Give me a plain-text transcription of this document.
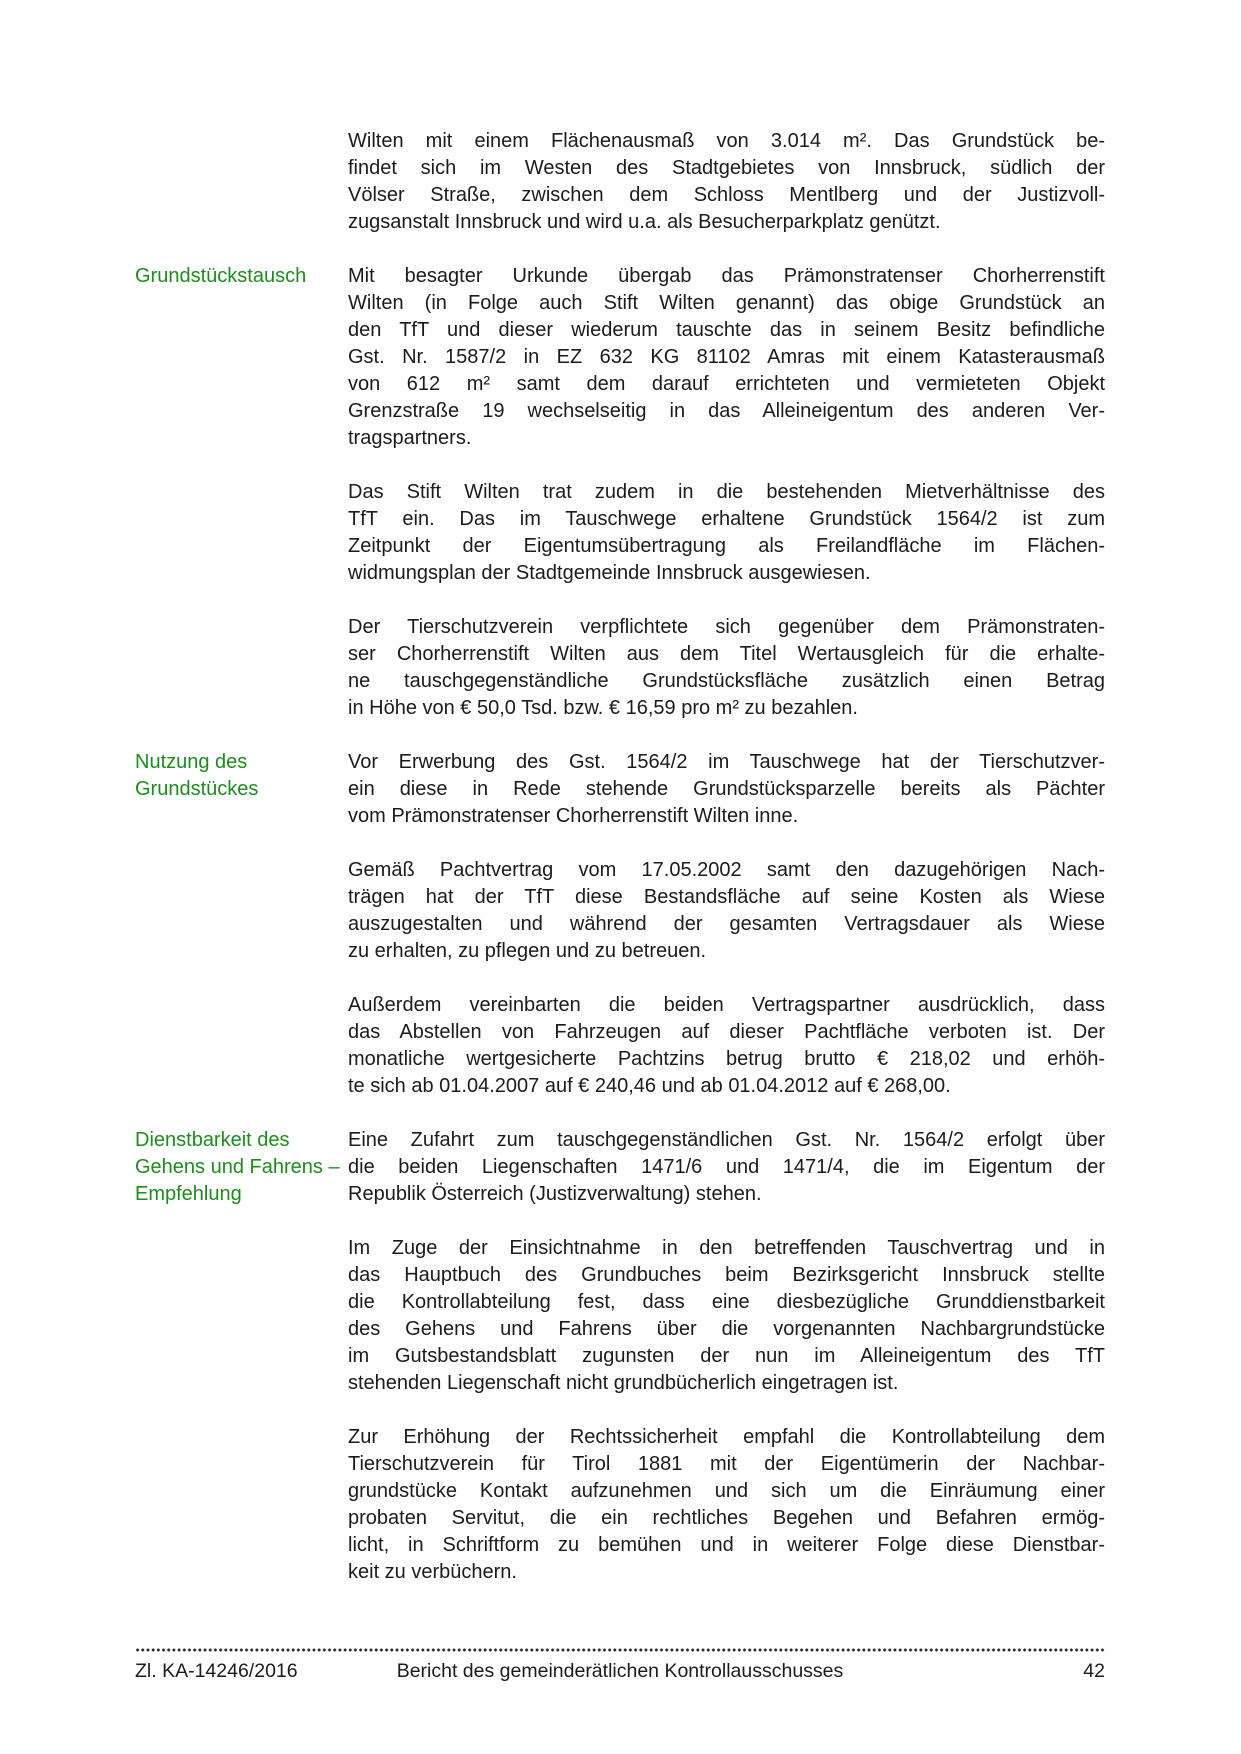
Wilten mit einem Flächenausmaß von 3.014 m². Das Grundstück be-
findet sich im Westen des Stadtgebietes von Innsbruck, südlich der
Völser Straße, zwischen dem Schloss Mentlberg und der Justizvoll-
zugsanstalt Innsbruck und wird u.a. als Besucherparkplatz genützt.
Grundstückstausch	Mit besagter Urkunde übergab das Prämonstratenser Chorherrenstift
Wilten (in Folge auch Stift Wilten genannt) das obige Grundstück an
den TfT und dieser wiederum tauschte das in seinem Besitz befindliche
Gst. Nr. 1587/2 in EZ 632 KG 81102 Amras mit einem Katasterausmaß
von 612 m² samt dem darauf errichteten und vermieteten Objekt
Grenzstraße 19 wechselseitig in das Alleineigentum des anderen Ver-
tragspartners.
Das Stift Wilten trat zudem in die bestehenden Mietverhältnisse des
TfT ein. Das im Tauschwege erhaltene Grundstück 1564/2 ist zum
Zeitpunkt der Eigentumsübertragung als Freilandfläche im Flächen-
widmungsplan der Stadtgemeinde Innsbruck ausgewiesen.
Der Tierschutzverein verpflichtete sich gegenüber dem Prämonstraten-
ser Chorherrenstift Wilten aus dem Titel Wertausgleich für die erhalte-
ne tauschgegenständliche Grundstücksfläche zusätzlich einen Betrag
in Höhe von € 50,0 Tsd. bzw. € 16,59 pro m² zu bezahlen.
Nutzung des
Grundstückes
Vor Erwerbung des Gst. 1564/2 im Tauschwege hat der Tierschutzver-
ein diese in Rede stehende Grundstücksparzelle bereits als Pächter
vom Prämonstratenser Chorherrenstift Wilten inne.
Gemäß Pachtvertrag vom 17.05.2002 samt den dazugehörigen Nach-
trägen hat der TfT diese Bestandsfläche auf seine Kosten als Wiese
auszugestalten und während der gesamten Vertragsdauer als Wiese
zu erhalten, zu pflegen und zu betreuen.
Außerdem vereinbarten die beiden Vertragspartner ausdrücklich, dass
das Abstellen von Fahrzeugen auf dieser Pachtfläche verboten ist. Der
monatliche wertgesicherte Pachtzins betrug brutto € 218,02 und erhöh-
te sich ab 01.04.2007 auf € 240,46 und ab 01.04.2012 auf € 268,00.
Dienstbarkeit des
Gehens und Fahrens –
Empfehlung
Eine Zufahrt zum tauschgegenständlichen Gst. Nr. 1564/2 erfolgt über
die beiden Liegenschaften 1471/6 und 1471/4, die im Eigentum der
Republik Österreich (Justizverwaltung) stehen.
Im Zuge der Einsichtnahme in den betreffenden Tauschvertrag und in
das Hauptbuch des Grundbuches beim Bezirksgericht Innsbruck stellte
die Kontrollabteilung fest, dass eine diesbezügliche Grunddienstbarkeit
des Gehens und Fahrens über die vorgenannten Nachbargrundstücke
im Gutsbestandsblatt zugunsten der nun im Alleineigentum des TfT
stehenden Liegenschaft nicht grundbücherlich eingetragen ist.
Zur Erhöhung der Rechtssicherheit empfahl die Kontrollabteilung dem
Tierschutzverein für Tirol 1881 mit der Eigentümerin der Nachbar-
grundstücke Kontakt aufzunehmen und sich um die Einräumung einer
probaten Servitut, die ein rechtliches Begehen und Befahren ermög-
licht, in Schriftform zu bemühen und in weiterer Folge diese Dienstbar-
keit zu verbüchern.
Zl. KA-14246/2016	Bericht des gemeinderätlichen Kontrollausschusses	42
